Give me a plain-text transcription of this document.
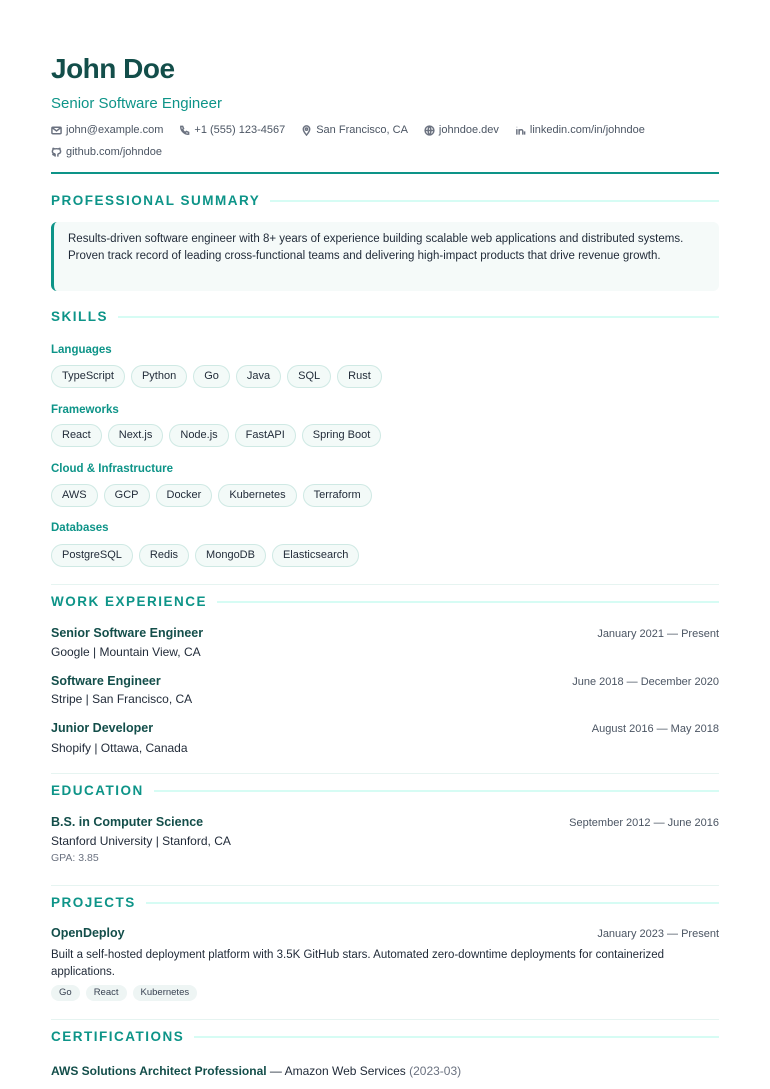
John Doe
Senior Software Engineer
john@example.com	+1 (555) 123-4567	San Francisco, CA	johndoe.dev	linkedin.com/in/johndoe
github.com/johndoe
PROFESSIONAL SUMMARY
Results-driven software engineer with 8+ years of experience building scalable web applications and distributed systems. Proven track record of leading cross-functional teams and delivering high-impact products that drive revenue growth.
SKILLS
Languages
TypeScript	Python	Go	Java	SQL	Rust
Frameworks
React	Next.js	Node.js	FastAPI	Spring Boot
Cloud & Infrastructure
AWS	GCP	Docker	Kubernetes	Terraform
Databases
PostgreSQL	Redis	MongoDB	Elasticsearch
WORK EXPERIENCE
Senior Software Engineer	January 2021 — Present
Google | Mountain View, CA
Software Engineer	June 2018 — December 2020
Stripe | San Francisco, CA
Junior Developer	August 2016 — May 2018
Shopify | Ottawa, Canada
EDUCATION
B.S. in Computer Science	September 2012 — June 2016
Stanford University | Stanford, CA
GPA: 3.85
PROJECTS
OpenDeploy	January 2023 — Present
Built a self-hosted deployment platform with 3.5K GitHub stars. Automated zero-downtime deployments for containerized applications.
Go	React	Kubernetes
CERTIFICATIONS
AWS Solutions Architect Professional — Amazon Web Services (2023-03)
